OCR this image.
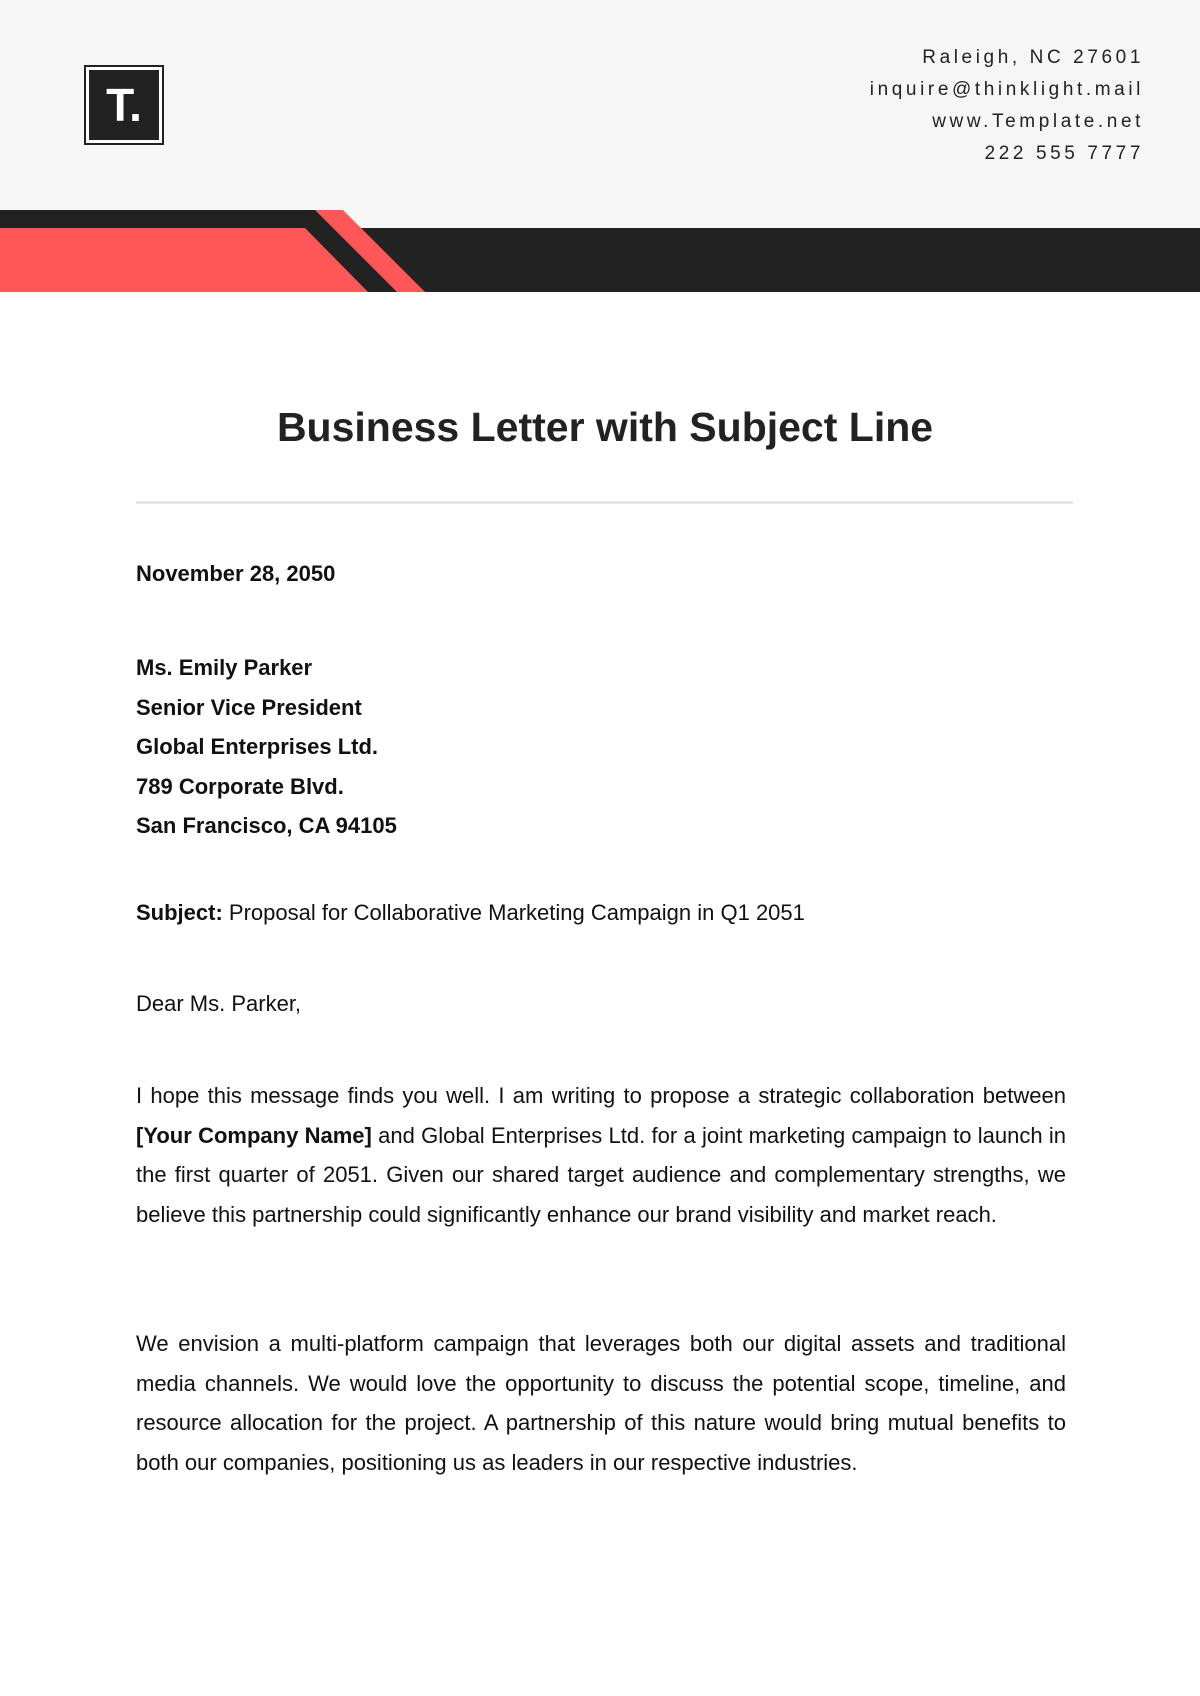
T.
Raleigh, NC 27601
inquire@thinklight.mail
www.Template.net
222 555 7777
Business Letter with Subject Line
November 28, 2050
Ms. Emily Parker
Senior Vice President
Global Enterprises Ltd.
789 Corporate Blvd.
San Francisco, CA 94105
Subject: Proposal for Collaborative Marketing Campaign in Q1 2051
Dear Ms. Parker,
I hope this message finds you well. I am writing to propose a strategic collaboration between [Your Company Name] and Global Enterprises Ltd. for a joint marketing campaign to launch in the first quarter of 2051. Given our shared target audience and complementary strengths, we believe this partnership could significantly enhance our brand visibility and market reach.
We envision a multi-platform campaign that leverages both our digital assets and traditional media channels. We would love the opportunity to discuss the potential scope, timeline, and resource allocation for the project. A partnership of this nature would bring mutual benefits to both our companies, positioning us as leaders in our respective industries.
